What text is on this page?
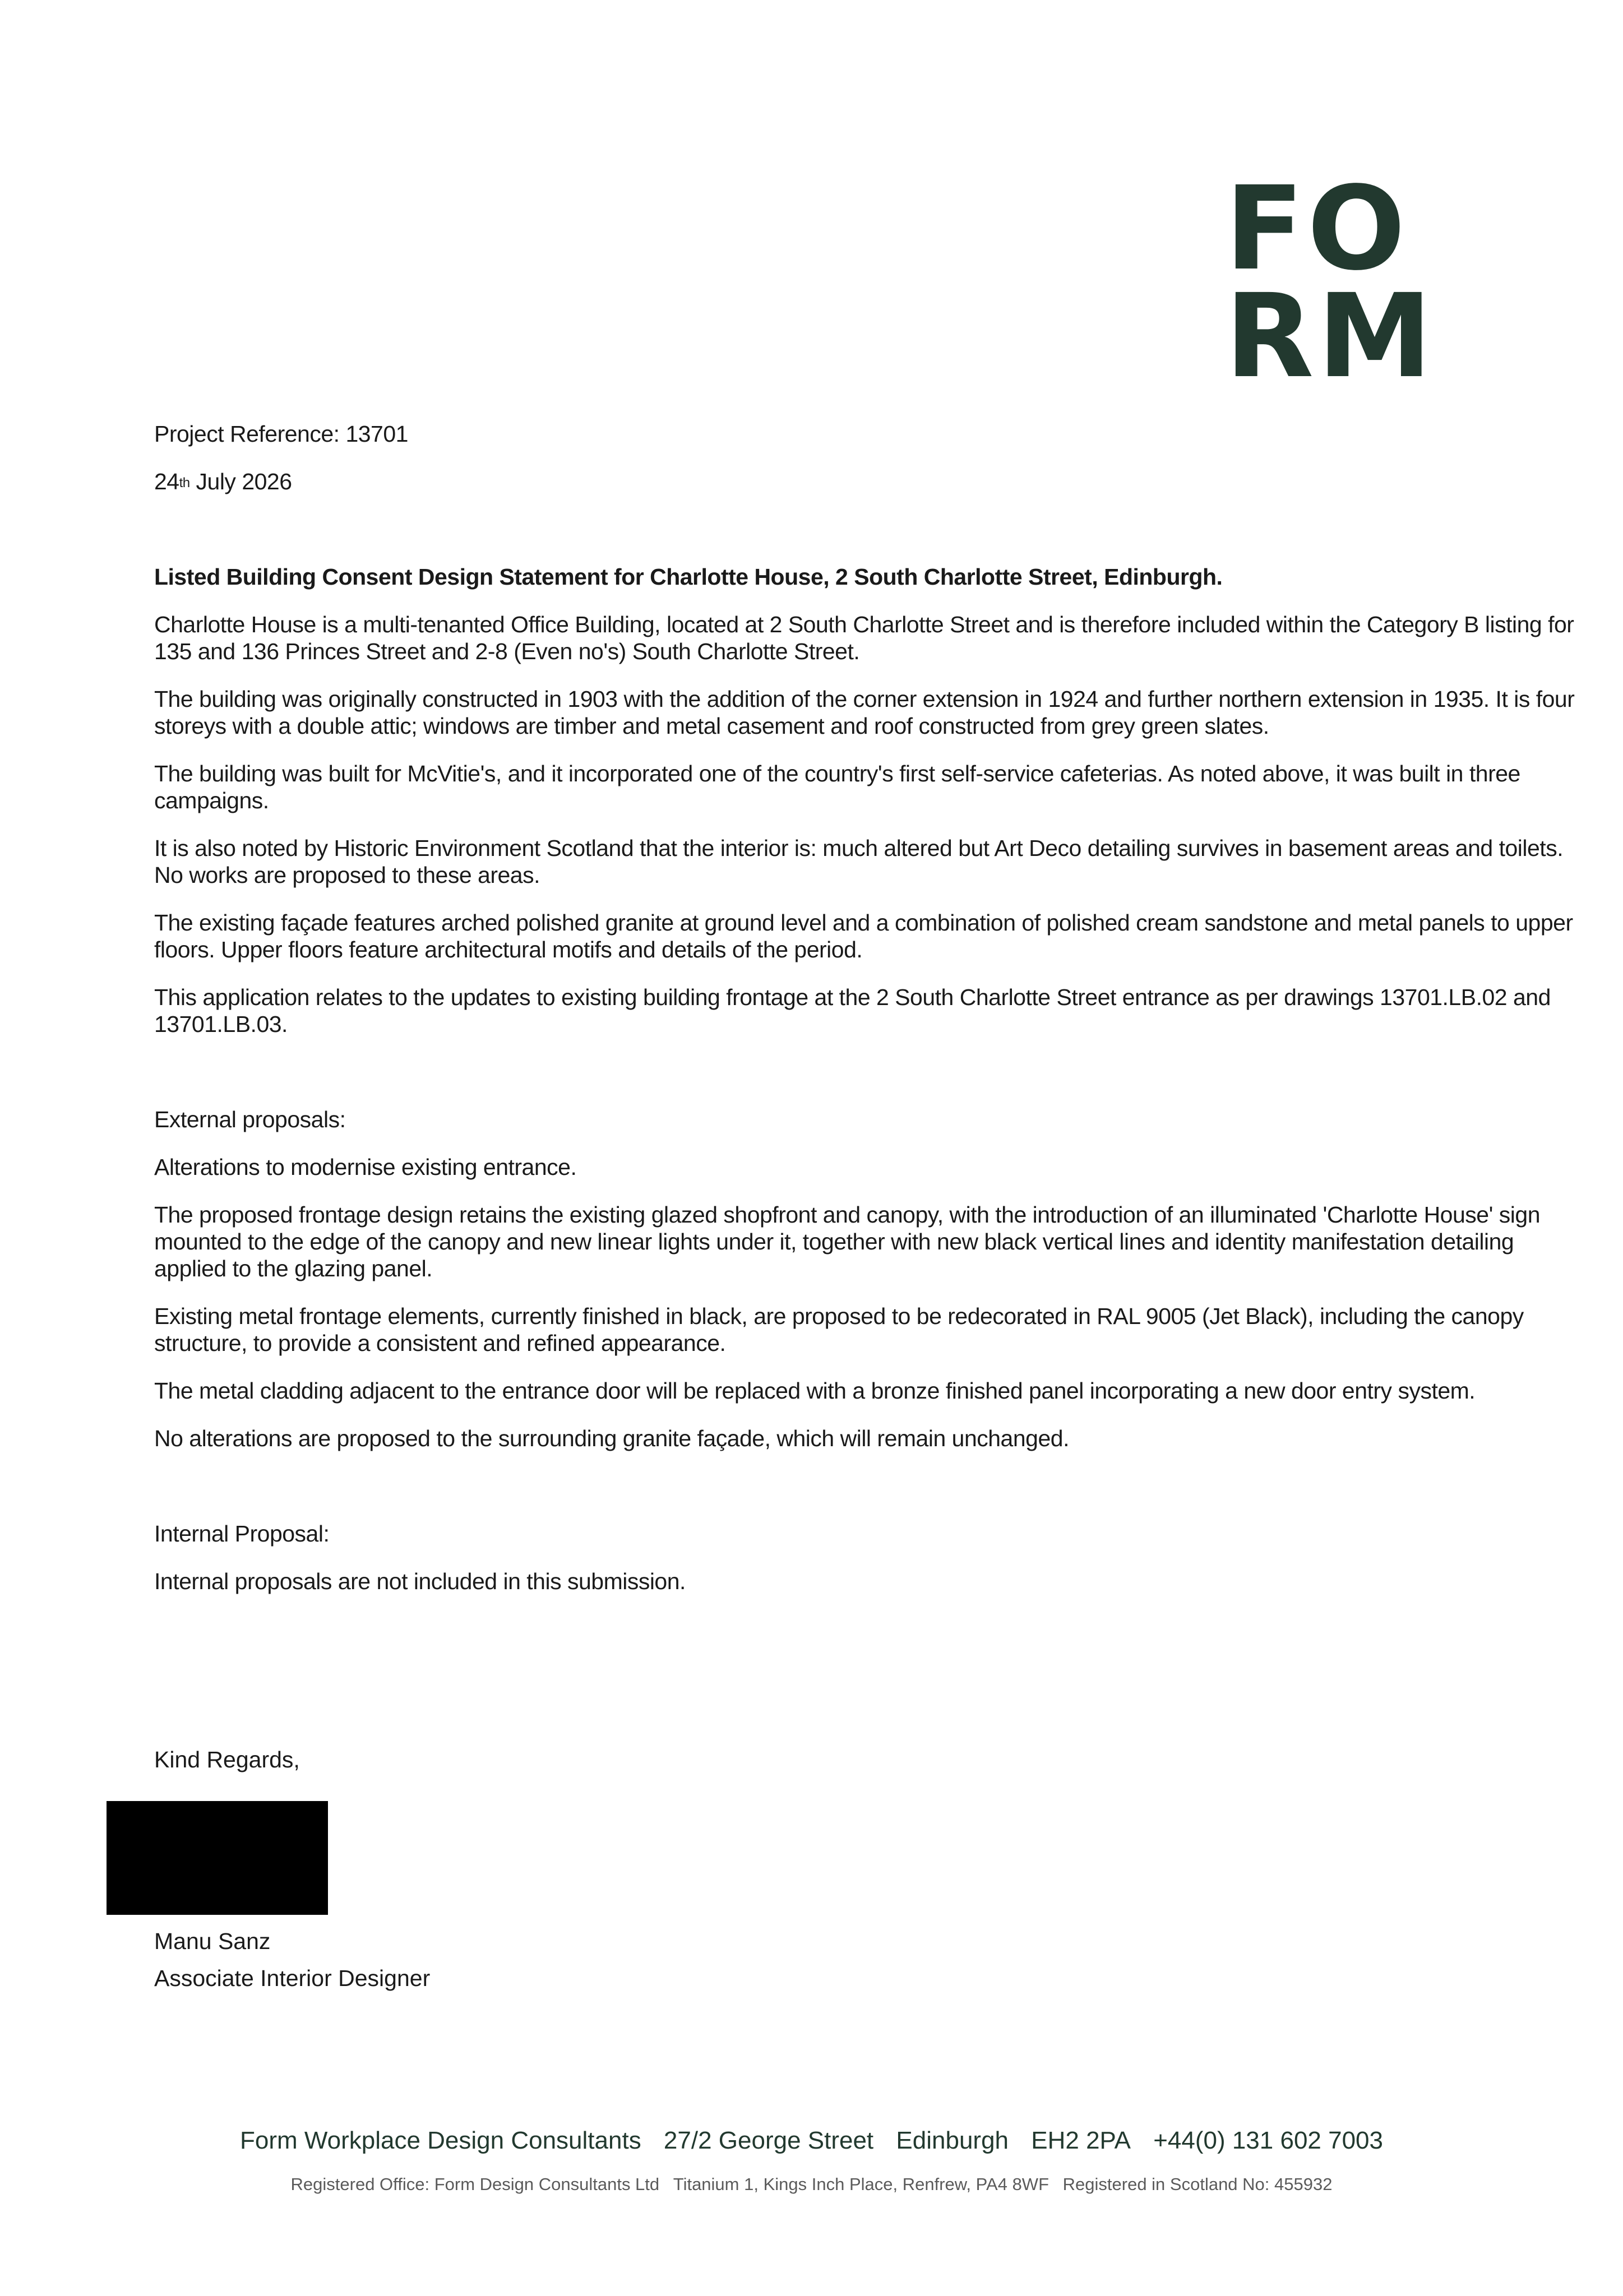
FO
RM

Project Reference: 13701

24th July 2026

Listed Building Consent Design Statement for Charlotte House, 2 South Charlotte Street, Edinburgh.

Charlotte House is a multi-tenanted Office Building, located at 2 South Charlotte Street and is therefore included within the Category B listing for 135 and 136 Princes Street and 2-8 (Even no's) South Charlotte Street.

The building was originally constructed in 1903 with the addition of the corner extension in 1924 and further northern extension in 1935. It is four storeys with a double attic; windows are timber and metal casement and roof constructed from grey green slates.

The building was built for McVitie's, and it incorporated one of the country's first self-service cafeterias. As noted above, it was built in three campaigns.

It is also noted by Historic Environment Scotland that the interior is: much altered but Art Deco detailing survives in basement areas and toilets. No works are proposed to these areas.

The existing façade features arched polished granite at ground level and a combination of polished cream sandstone and metal panels to upper floors. Upper floors feature architectural motifs and details of the period.

This application relates to the updates to existing building frontage at the 2 South Charlotte Street entrance as per drawings 13701.LB.02 and 13701.LB.03.

External proposals:

Alterations to modernise existing entrance.

The proposed frontage design retains the existing glazed shopfront and canopy, with the introduction of an illuminated 'Charlotte House' sign mounted to the edge of the canopy and new linear lights under it, together with new black vertical lines and identity manifestation detailing applied to the glazing panel.

Existing metal frontage elements, currently finished in black, are proposed to be redecorated in RAL 9005 (Jet Black), including the canopy structure, to provide a consistent and refined appearance.

The metal cladding adjacent to the entrance door will be replaced with a bronze finished panel incorporating a new door entry system.

No alterations are proposed to the surrounding granite façade, which will remain unchanged.

Internal Proposal:

Internal proposals are not included in this submission.

Kind Regards,
Manu Sanz
Associate Interior Designer
Form Workplace Design Consultants 27/2 George Street Edinburgh EH2 2PA +44(0) 131 602 7003
Registered Office: Form Design Consultants Ltd Titanium 1, Kings Inch Place, Renfrew, PA4 8WF Registered in Scotland No: 455932
